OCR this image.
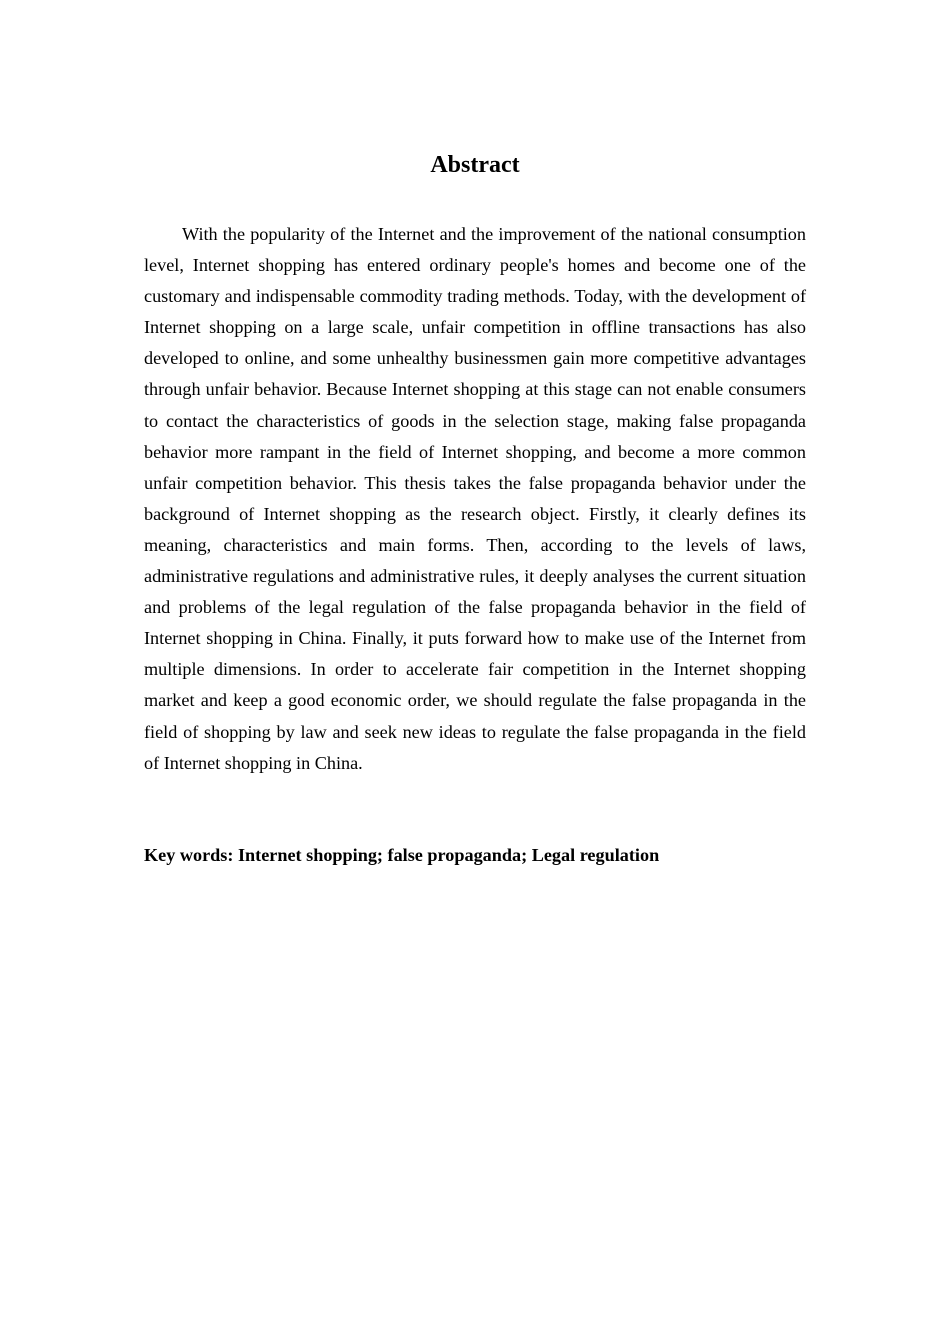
Abstract

With the popularity of the Internet and the improvement of the national consumption level, Internet shopping has entered ordinary people's homes and become one of the customary and indispensable commodity trading methods. Today, with the development of Internet shopping on a large scale, unfair competition in offline transactions has also developed to online, and some unhealthy businessmen gain more competitive advantages through unfair behavior. Because Internet shopping at this stage can not enable consumers to contact the characteristics of goods in the selection stage, making false propaganda behavior more rampant in the field of Internet shopping, and become a more common unfair competition behavior. This thesis takes the false propaganda behavior under the background of Internet shopping as the research object. Firstly, it clearly defines its meaning, characteristics and main forms. Then, according to the levels of laws, administrative regulations and administrative rules, it deeply analyses the current situation and problems of the legal regulation of the false propaganda behavior in the field of Internet shopping in China. Finally, it puts forward how to make use of the Internet from multiple dimensions. In order to accelerate fair competition in the Internet shopping market and keep a good economic order, we should regulate the false propaganda in the field of shopping by law and seek new ideas to regulate the false propaganda in the field of Internet shopping in China.

Key words: Internet shopping; false propaganda; Legal regulation
